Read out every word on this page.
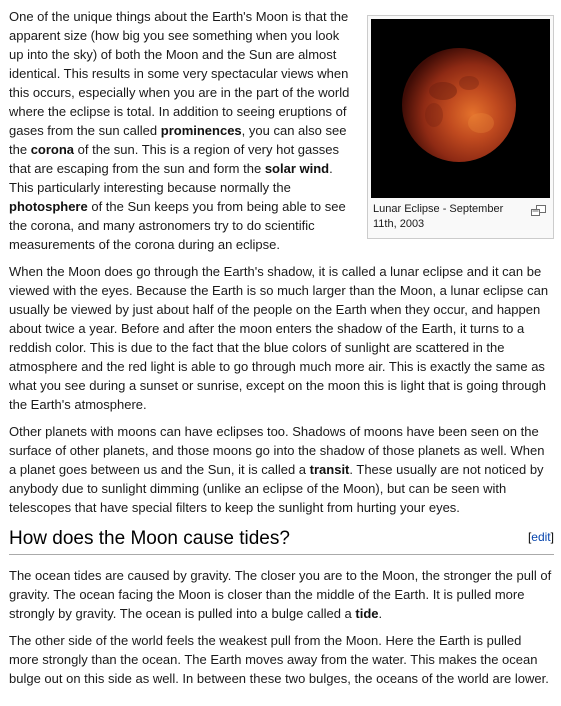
Lunar Eclipse - September 11th, 2003

One of the unique things about the Earth's Moon is that the apparent size (how big you see something when you look up into the sky) of both the Moon and the Sun are almost identical. This results in some very spectacular views when this occurs, especially when you are in the part of the world where the eclipse is total. In addition to seeing eruptions of gases from the sun called prominences, you can also see the corona of the sun. This is a region of very hot gasses that are escaping from the sun and form the solar wind. This particularly interesting because normally the photosphere of the Sun keeps you from being able to see the corona, and many astronomers try to do scientific measurements of the corona during an eclipse.

When the Moon does go through the Earth's shadow, it is called a lunar eclipse and it can be viewed with the eyes. Because the Earth is so much larger than the Moon, a lunar eclipse can usually be viewed by just about half of the people on the Earth when they occur, and happen about twice a year. Before and after the moon enters the shadow of the Earth, it turns to a reddish color. This is due to the fact that the blue colors of sunlight are scattered in the atmosphere and the red light is able to go through much more air. This is exactly the same as what you see during a sunset or sunrise, except on the moon this is light that is going through the Earth's atmosphere.

Other planets with moons can have eclipses too. Shadows of moons have been seen on the surface of other planets, and those moons go into the shadow of those planets as well. When a planet goes between us and the Sun, it is called a transit. These usually are not noticed by anybody due to sunlight dimming (unlike an eclipse of the Moon), but can be seen with telescopes that have special filters to keep the sunlight from hurting your eyes.

How does the Moon cause tides?	[edit]

The ocean tides are caused by gravity. The closer you are to the Moon, the stronger the pull of gravity. The ocean facing the Moon is closer than the middle of the Earth. It is pulled more strongly by gravity. The ocean is pulled into a bulge called a tide.

The other side of the world feels the weakest pull from the Moon. Here the Earth is pulled more strongly than the ocean. The Earth moves away from the water. This makes the ocean bulge out on this side as well. In between these two bulges, the oceans of the world are lower.
